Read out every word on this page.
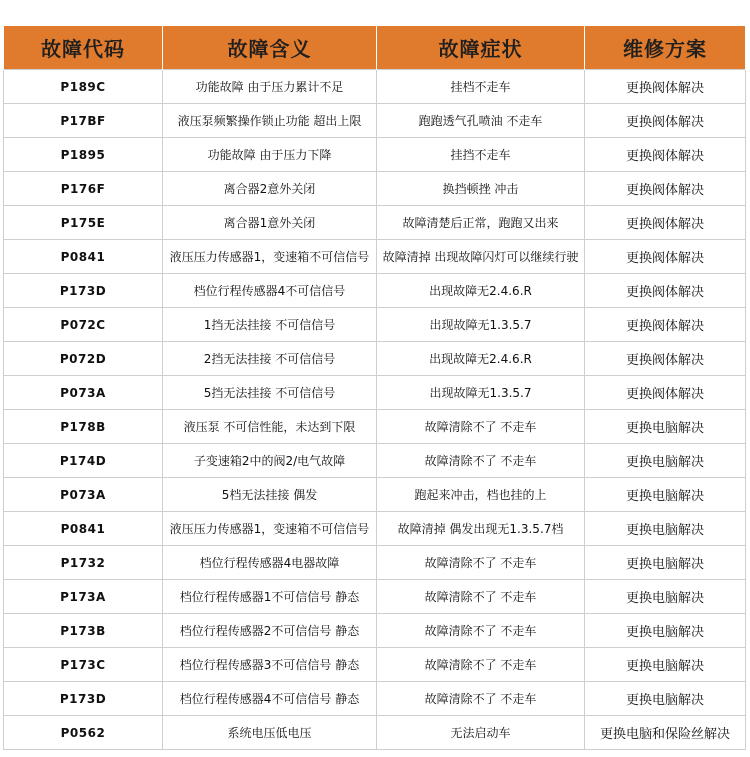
故障代码	故障含义	故障症状	维修方案
P189C	功能故障 由于压力累计不足	挂档不走车	更换阀体解决
P17BF	液压泵频繁操作锁止功能 超出上限	跑跑透气孔喷油 不走车	更换阀体解决
P1895	功能故障 由于压力下降	挂挡不走车	更换阀体解决
P176F	离合器2意外关闭	换挡顿挫 冲击	更换阀体解决
P175E	离合器1意外关闭	故障清楚后正常，跑跑又出来	更换阀体解决
P0841	液压压力传感器1，变速箱不可信信号	故障清掉 出现故障闪灯可以继续行驶	更换阀体解决
P173D	档位行程传感器4不可信信号	出现故障无2.4.6.R	更换阀体解决
P072C	1挡无法挂接 不可信信号	出现故障无1.3.5.7	更换阀体解决
P072D	2挡无法挂接 不可信信号	出现故障无2.4.6.R	更换阀体解决
P073A	5挡无法挂接 不可信信号	出现故障无1.3.5.7	更换阀体解决
P178B	液压泵 不可信性能，未达到下限	故障清除不了 不走车	更换电脑解决
P174D	子变速箱2中的阀2/电气故障	故障清除不了 不走车	更换电脑解决
P073A	5档无法挂接 偶发	跑起来冲击，档也挂的上	更换电脑解决
P0841	液压压力传感器1，变速箱不可信信号	故障清掉 偶发出现无1.3.5.7档	更换电脑解决
P1732	档位行程传感器4电器故障	故障清除不了 不走车	更换电脑解决
P173A	档位行程传感器1不可信信号 静态	故障清除不了 不走车	更换电脑解决
P173B	档位行程传感器2不可信信号 静态	故障清除不了 不走车	更换电脑解决
P173C	档位行程传感器3不可信信号 静态	故障清除不了 不走车	更换电脑解决
P173D	档位行程传感器4不可信信号 静态	故障清除不了 不走车	更换电脑解决
P0562	系统电压低电压	无法启动车	更换电脑和保险丝解决
